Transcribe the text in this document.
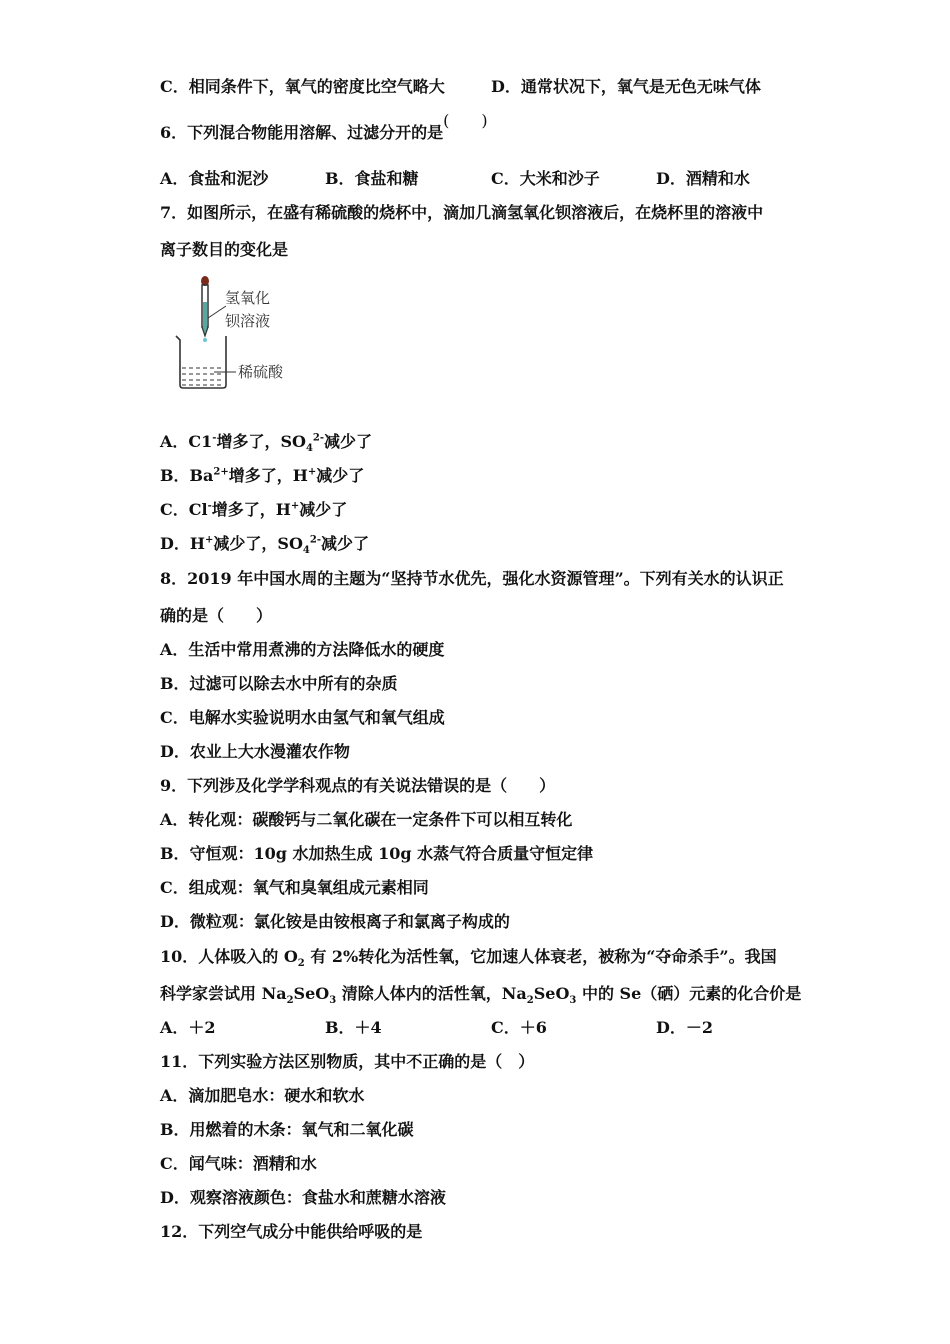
C．相同条件下，氧气的密度比空气略大	D．通常状况下，氧气是无色无味气体
6．下列混合物能用溶解、过滤分开的是(　　)
A．食盐和泥沙	B．食盐和糖	C．大米和沙子	D．酒精和水
7．如图所示，在盛有稀硫酸的烧杯中，滴加几滴氢氧化钡溶液后，在烧杯里的溶液中
离子数目的变化是
氢氧化
钡溶液
稀硫酸
A．C1-增多了，$SO_4^{2-}$减少了
B．$Ba^{2+}$增多了，H+减少了
C．Cl-增多了，H+减少了
D．H+减少了，$SO_4^{2-}$减少了
8．2019 年中国水周的主题为“坚持节水优先，强化水资源管理”。下列有关水的认识正
确的是（　　）
A．生活中常用煮沸的方法降低水的硬度
B．过滤可以除去水中所有的杂质
C．电解水实验说明水由氢气和氧气组成
D．农业上大水漫灌农作物
9．下列涉及化学学科观点的有关说法错误的是（　　）
A．转化观：碳酸钙与二氧化碳在一定条件下可以相互转化
B．守恒观：10g 水加热生成 10g 水蒸气符合质量守恒定律
C．组成观：氧气和臭氧组成元素相同
D．微粒观：氯化铵是由铵根离子和氯离子构成的
10．人体吸入的 $O_2$ 有 2%转化为活性氧，它加速人体衰老，被称为“夺命杀手”。我国
科学家尝试用 $Na_2SeO_3$ 清除人体内的活性氧，$Na_2SeO_3$ 中的 Se（硒）元素的化合价是
A．＋2	B．＋4	C．＋6	D．－2
11．下列实验方法区别物质，其中不正确的是（　）
A．滴加肥皂水：硬水和软水
B．用燃着的木条：氧气和二氧化碳
C．闻气味：酒精和水
D．观察溶液颜色：食盐水和蔗糖水溶液
12．下列空气成分中能供给呼吸的是
